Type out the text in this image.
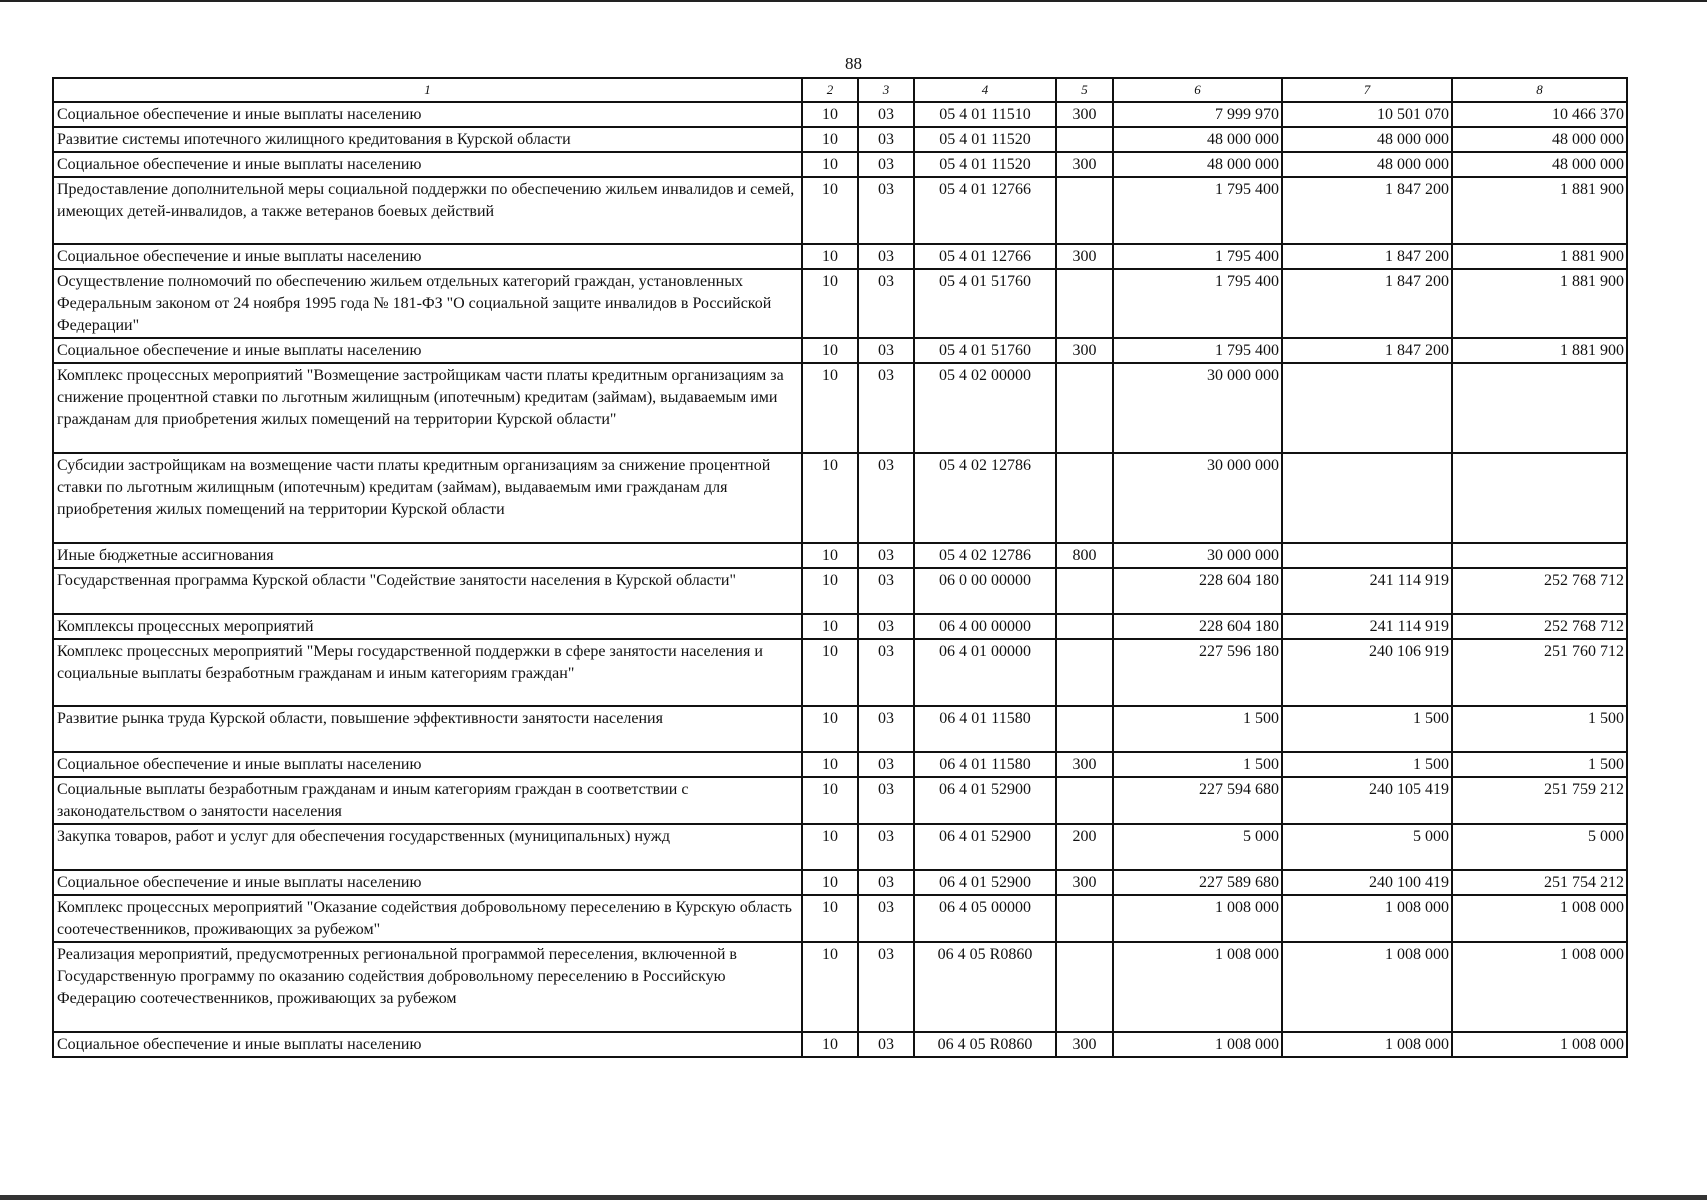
88
1	2	3	4	5	6	7	8
Социальное обеспечение и иные выплаты населению	10	03	05 4 01 11510	300	7 999 970	10 501 070	10 466 370
Развитие системы ипотечного жилищного кредитования в Курской области	10	03	05 4 01 11520		48 000 000	48 000 000	48 000 000
Социальное обеспечение и иные выплаты населению	10	03	05 4 01 11520	300	48 000 000	48 000 000	48 000 000
Предоставление дополнительной меры социальной поддержки по обеспечению жильем инвалидов и семей, имеющих детей-инвалидов, а также ветеранов боевых действий	10	03	05 4 01 12766		1 795 400	1 847 200	1 881 900
Социальное обеспечение и иные выплаты населению	10	03	05 4 01 12766	300	1 795 400	1 847 200	1 881 900
Осуществление полномочий по обеспечению жильем отдельных категорий граждан, установленных Федеральным законом от 24 ноября 1995 года № 181-ФЗ "О социальной защите инвалидов в Российской Федерации"	10	03	05 4 01 51760		1 795 400	1 847 200	1 881 900
Социальное обеспечение и иные выплаты населению	10	03	05 4 01 51760	300	1 795 400	1 847 200	1 881 900
Комплекс процессных мероприятий "Возмещение застройщикам части платы кредитным организациям за снижение процентной ставки по льготным жилищным (ипотечным) кредитам (займам), выдаваемым ими гражданам для приобретения жилых помещений на территории Курской области"	10	03	05 4 02 00000		30 000 000		
Субсидии застройщикам на возмещение части платы кредитным организациям за снижение процентной ставки по льготным жилищным (ипотечным) кредитам (займам), выдаваемым ими гражданам для приобретения жилых помещений на территории Курской области	10	03	05 4 02 12786		30 000 000		
Иные бюджетные ассигнования	10	03	05 4 02 12786	800	30 000 000		
Государственная программа Курской области "Содействие занятости населения в Курской области"	10	03	06 0 00 00000		228 604 180	241 114 919	252 768 712
Комплексы процессных мероприятий	10	03	06 4 00 00000		228 604 180	241 114 919	252 768 712
Комплекс процессных мероприятий "Меры государственной поддержки в сфере занятости населения и социальные выплаты безработным гражданам и иным категориям граждан"	10	03	06 4 01 00000		227 596 180	240 106 919	251 760 712
Развитие рынка труда Курской области, повышение эффективности занятости населения	10	03	06 4 01 11580		1 500	1 500	1 500
Социальное обеспечение и иные выплаты населению	10	03	06 4 01 11580	300	1 500	1 500	1 500
Социальные выплаты безработным гражданам и иным категориям граждан в соответствии с законодательством о занятости населения	10	03	06 4 01 52900		227 594 680	240 105 419	251 759 212
Закупка товаров, работ и услуг для обеспечения государственных (муниципальных) нужд	10	03	06 4 01 52900	200	5 000	5 000	5 000
Социальное обеспечение и иные выплаты населению	10	03	06 4 01 52900	300	227 589 680	240 100 419	251 754 212
Комплекс процессных мероприятий "Оказание содействия добровольному переселению в Курскую область соотечественников, проживающих за рубежом"	10	03	06 4 05 00000		1 008 000	1 008 000	1 008 000
Реализация мероприятий, предусмотренных региональной программой переселения, включенной в Государственную программу по оказанию содействия добровольному переселению в Российскую Федерацию соотечественников, проживающих за рубежом	10	03	06 4 05 R0860		1 008 000	1 008 000	1 008 000
Социальное обеспечение и иные выплаты населению	10	03	06 4 05 R0860	300	1 008 000	1 008 000	1 008 000
